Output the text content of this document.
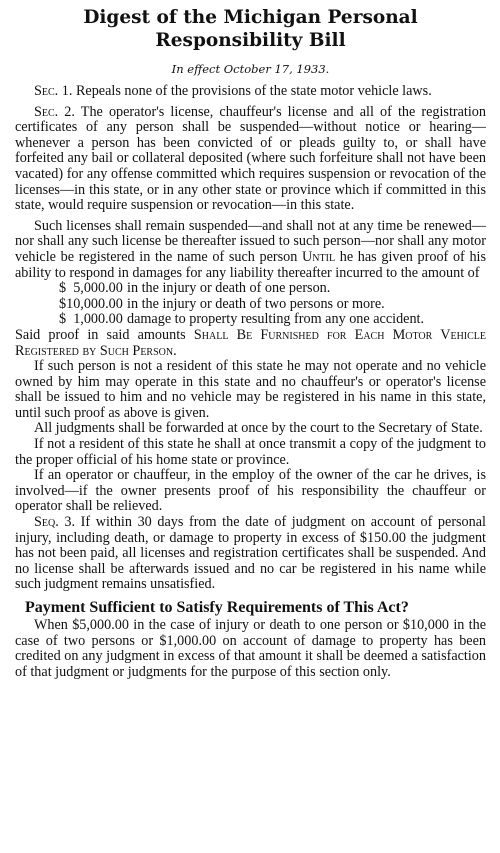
Digest of the Michigan Personal
Responsibility Bill
In effect October 17, 1933.

Sec. 1. Repeals none of the provisions of the state motor vehicle laws.

Sec. 2. The operator's license, chauffeur's license and all of the registration certificates of any person shall be suspended—without notice or hearing—whenever a person has been convicted of or pleads guilty to, or shall have forfeited any bail or collateral deposited (where such forfeiture shall not have been vacated) for any offense committed which requires suspension or revocation of the licenses—in this state, or in any other state or province which if committed in this state, would require suspension or revocation—in this state.

Such licenses shall remain suspended—and shall not at any time be renewed—nor shall any such license be thereafter issued to such person—nor shall any motor vehicle be registered in the name of such person Until he has given proof of his ability to respond in damages for any liability thereafter incurred to the amount of

$  5,000.00 in the injury or death of one person.
$10,000.00 in the injury or death of two persons or more.
$  1,000.00 damage to property resulting from any one accident.

Said proof in said amounts Shall Be Furnished for Each Motor Vehicle Registered by Such Person.

If such person is not a resident of this state he may not operate and no vehicle owned by him may operate in this state and no chauffeur's or operator's license shall be issued to him and no vehicle may be registered in his name in this state, until such proof as above is given.

All judgments shall be forwarded at once by the court to the Secretary of State.

If not a resident of this state he shall at once transmit a copy of the judgment to the proper official of his home state or province.

If an operator or chauffeur, in the employ of the owner of the car he drives, is involved—if the owner presents proof of his responsibility the chauffeur or operator shall be relieved.

Seq. 3. If within 30 days from the date of judgment on account of personal injury, including death, or damage to property in excess of $150.00 the judgment has not been paid, all licenses and registration certificates shall be suspended. And no license shall be afterwards issued and no car be registered in his name while such judgment remains unsatisfied.

Payment Sufficient to Satisfy Requirements of This Act?

When $5,000.00 in the case of injury or death to one person or $10,000 in the case of two persons or $1,000.00 on account of damage to property has been credited on any judgment in excess of that amount it shall be deemed a satisfaction of that judgment or judgments for the purpose of this section only.
